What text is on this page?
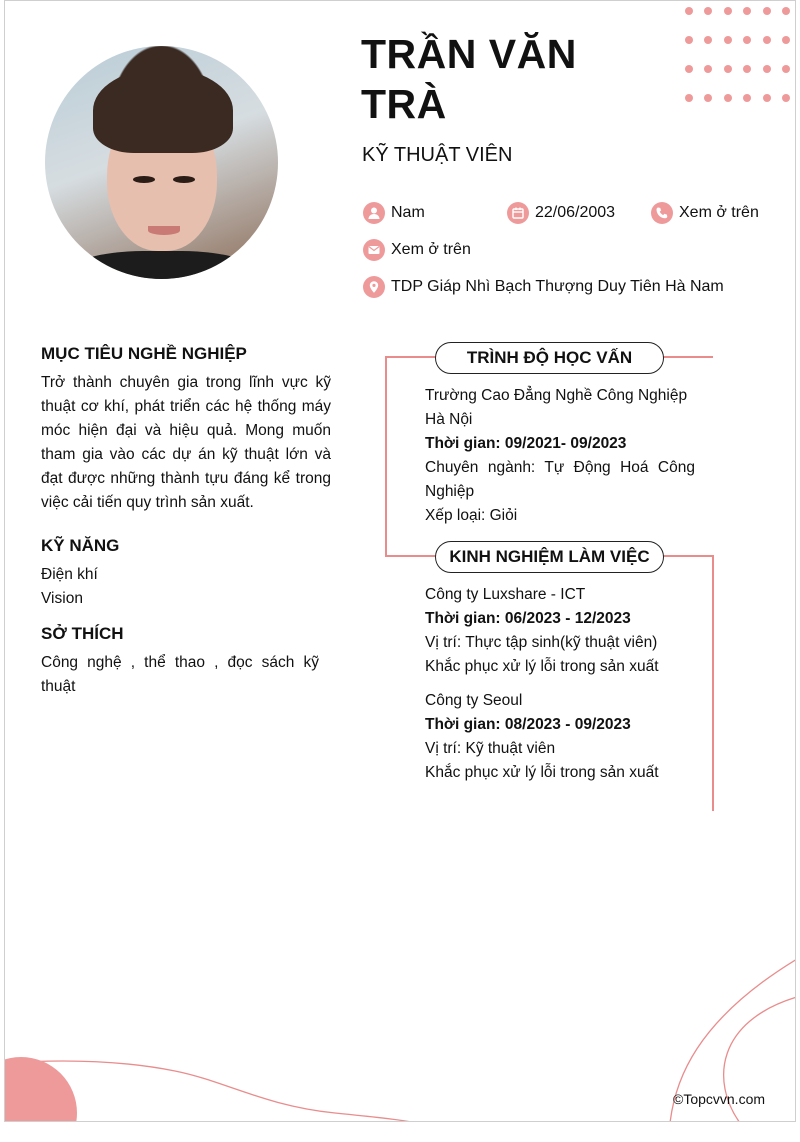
TRẦN VĂN TRÀ
KỸ THUẬT VIÊN
Nam	22/06/2003	Xem ở trên
Xem ở trên
TDP Giáp Nhì Bạch Thượng Duy Tiên Hà Nam
MỤC TIÊU NGHỀ NGHIỆP
Trở thành chuyên gia trong lĩnh vực kỹ thuật cơ khí, phát triển các hệ thống máy móc hiện đại và hiệu quả. Mong muốn tham gia vào các dự án kỹ thuật lớn và đạt được những thành tựu đáng kể trong việc cải tiến quy trình sản xuất.
KỸ NĂNG
Điện khí
Vision
SỞ THÍCH
Công nghệ , thể thao , đọc sách kỹ thuật
TRÌNH ĐỘ HỌC VẤN
Trường Cao Đẳng Nghề Công Nghiệp Hà Nội
Thời gian: 09/2021- 09/2023
Chuyên ngành: Tự Động Hoá Công Nghiệp
Xếp loại: Giỏi
KINH NGHIỆM LÀM VIỆC
Công ty Luxshare - ICT
Thời gian: 06/2023 - 12/2023
Vị trí: Thực tập sinh(kỹ thuật viên)
Khắc phục xử lý lỗi trong sản xuất
Công ty Seoul
Thời gian: 08/2023 - 09/2023
Vị trí: Kỹ thuật viên
Khắc phục xử lý lỗi trong sản xuất
©Topcvvn.com
